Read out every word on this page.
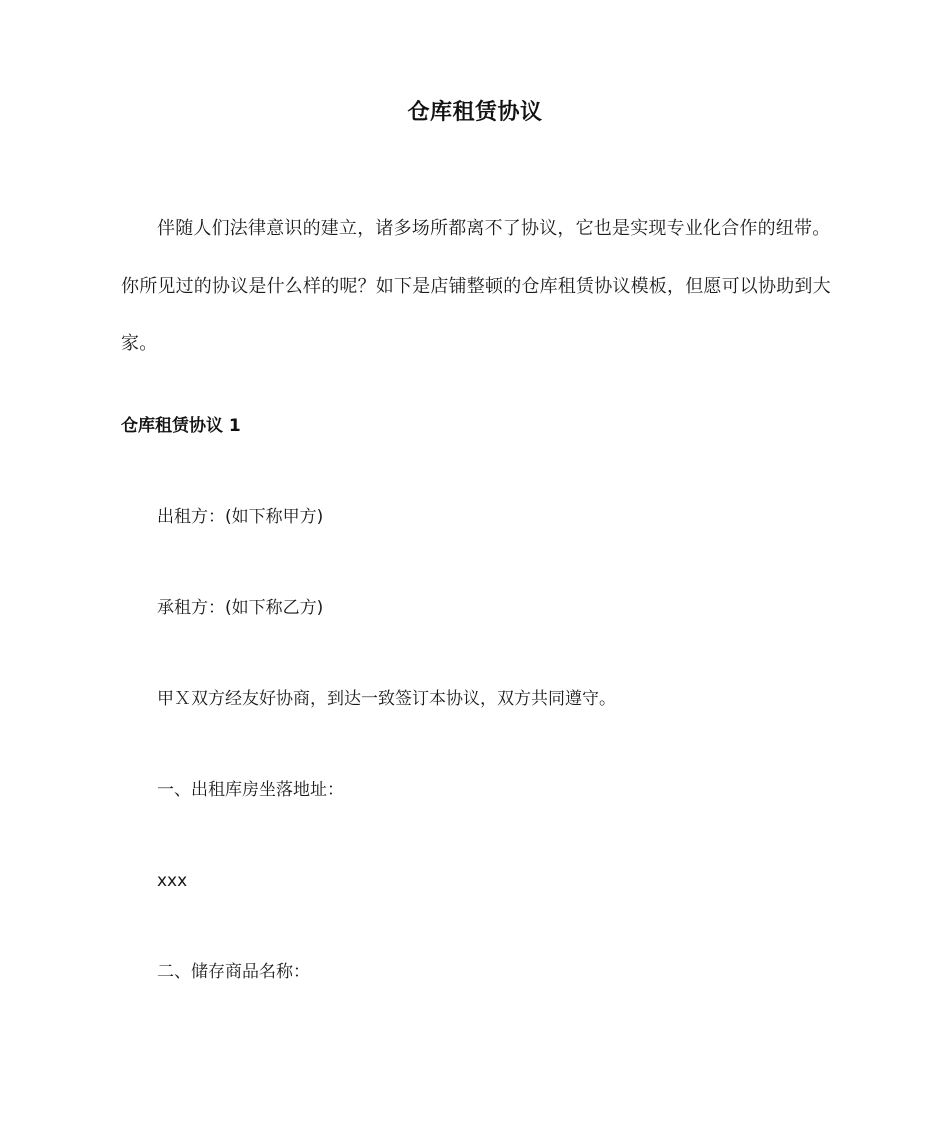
仓库租赁协议

伴随人们法律意识的建立，诸多场所都离不了协议，它也是实现专业化合作的纽带。你所见过的协议是什么样的呢？如下是店铺整顿的仓库租赁协议模板，但愿可以协助到大家。

仓库租赁协议 1
出租方：(如下称甲方)
承租方：(如下称乙方)
甲Ｘ双方经友好协商，到达一致签订本协议，双方共同遵守。
一、出租库房坐落地址：
xxx
二、储存商品名称：
